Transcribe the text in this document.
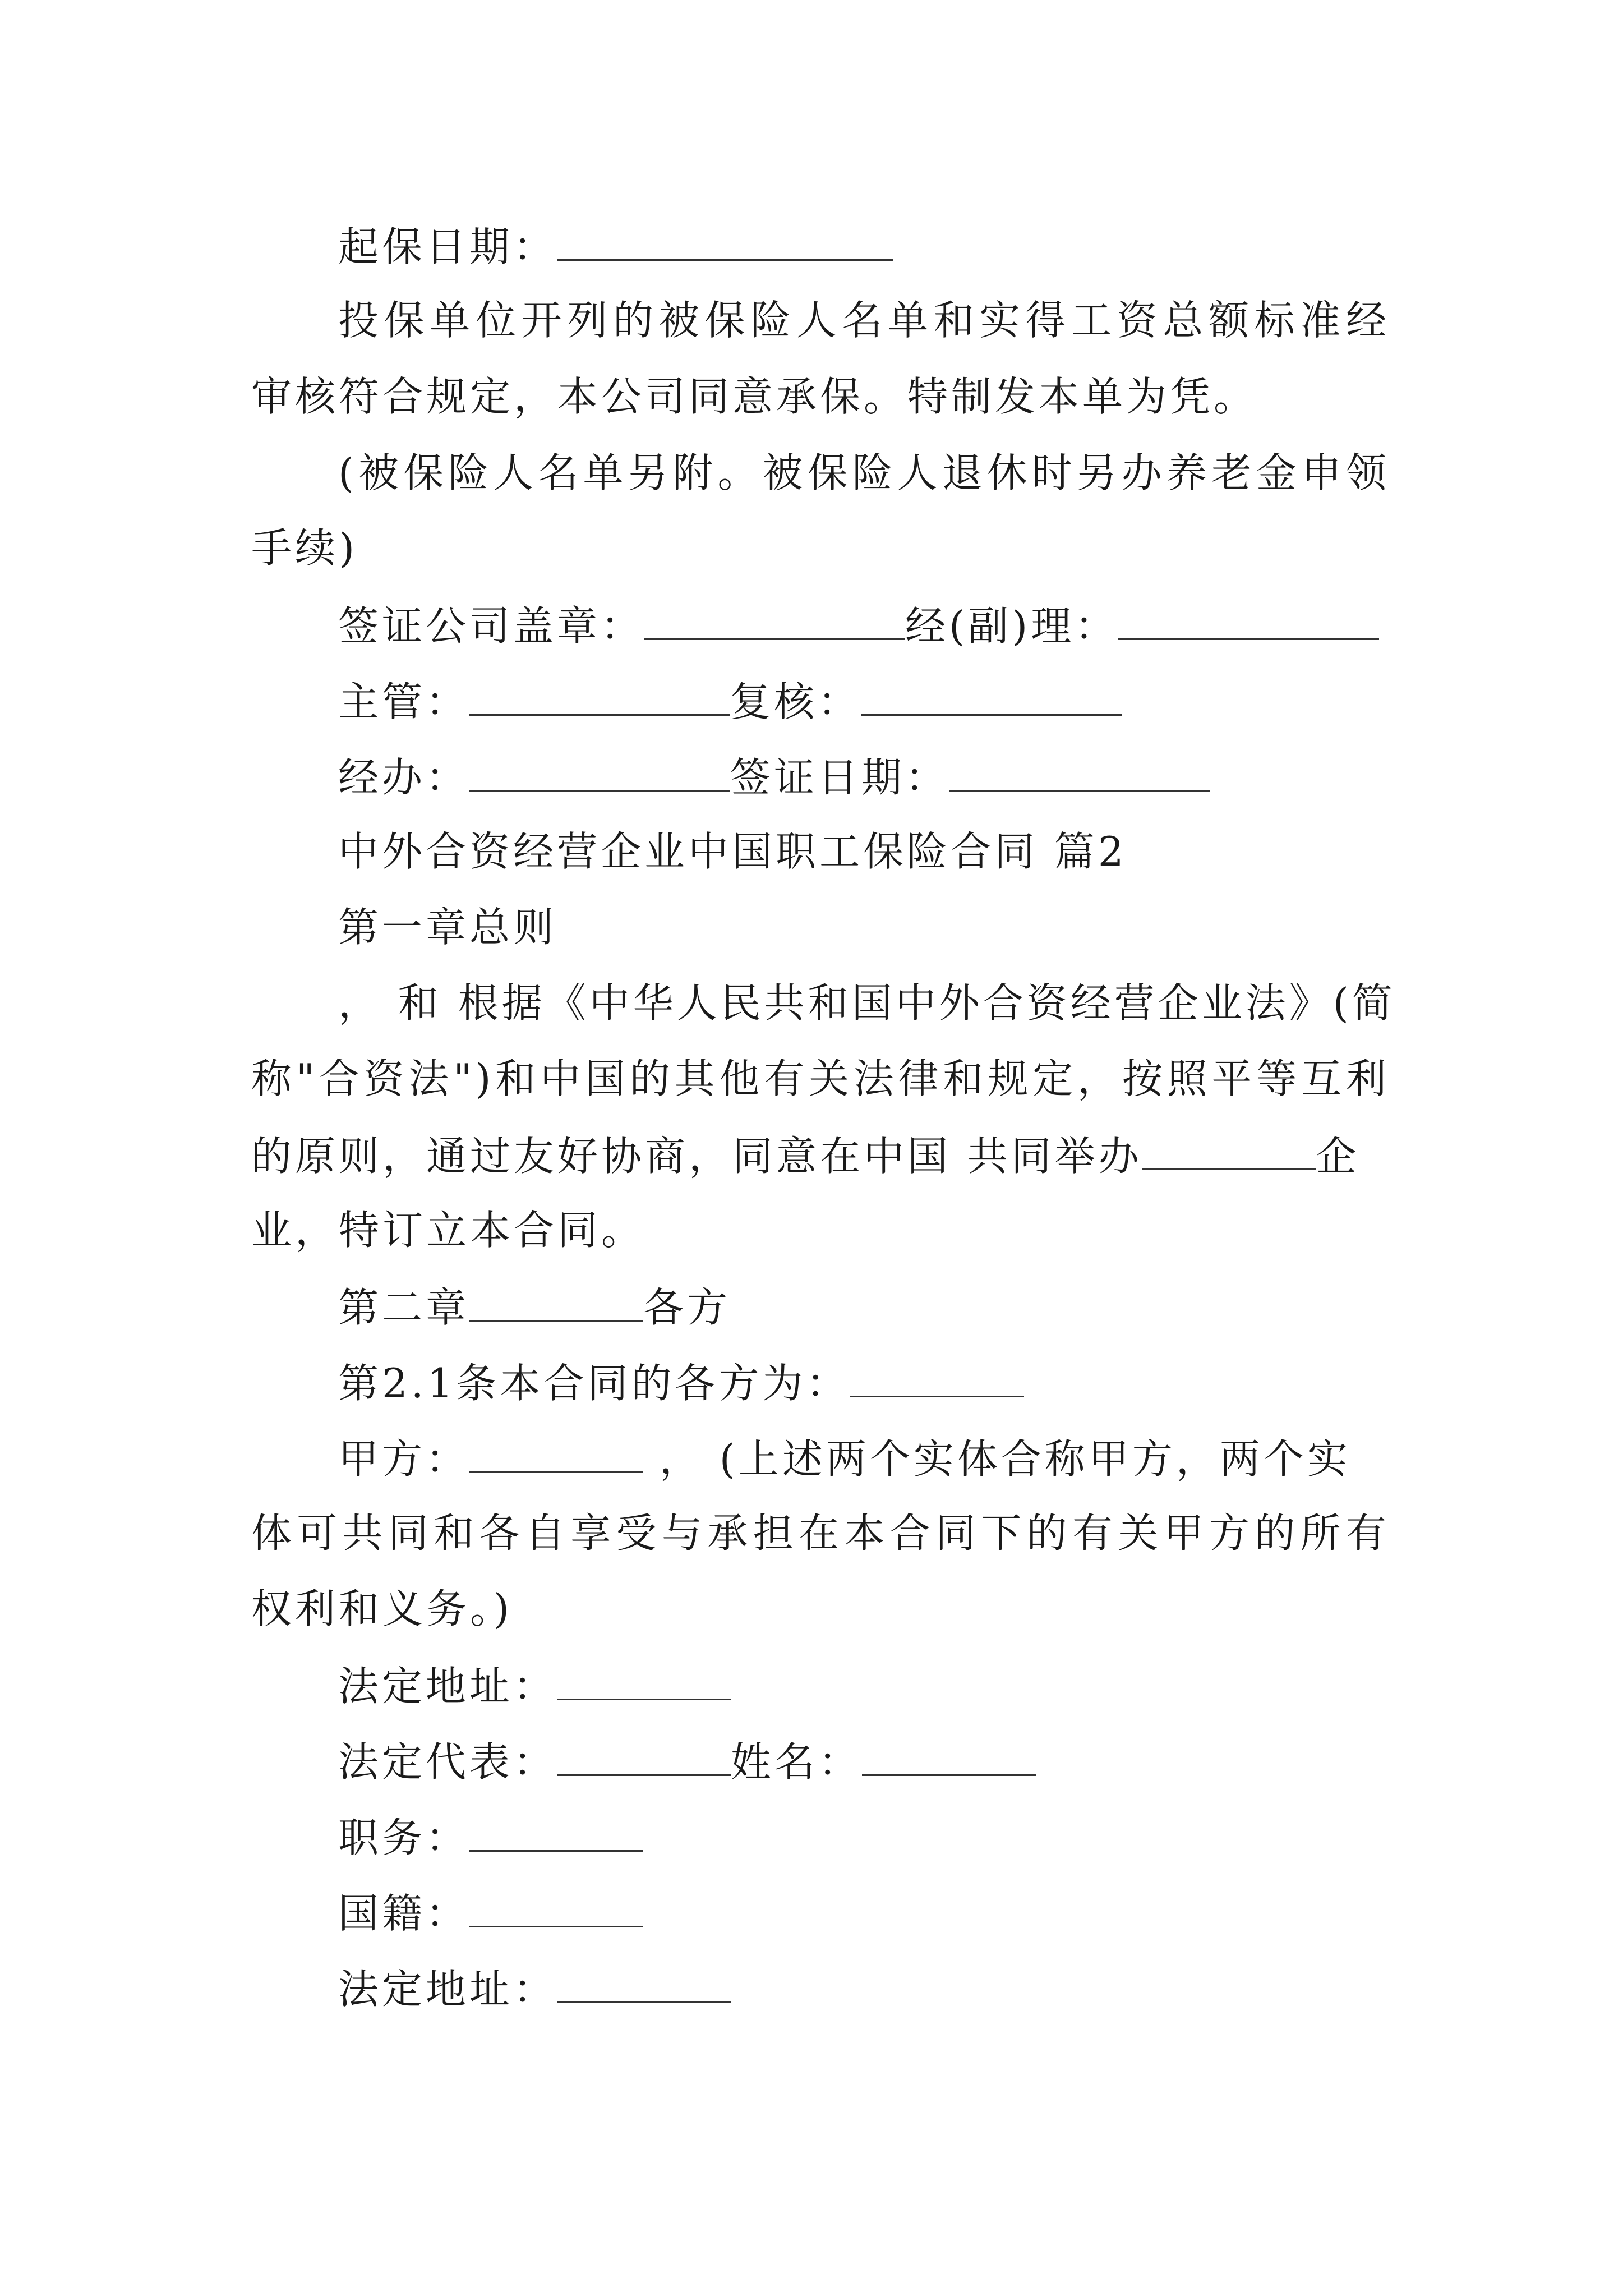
起保日期：
投保单位开列的被保险人名单和实得工资总额标准经
审核符合规定，本公司同意承保。特制发本单为凭。
(被保险人名单另附。被保险人退休时另办养老金申领
手续)
签证公司盖章：	经(副)理：
主管：	复核：
经办：	签证日期：
中外合资经营企业中国职工保险合同 篇2
第一章总则
， 和 根据《中华人民共和国中外合资经营企业法》(简
称"合资法")和中国的其他有关法律和规定，按照平等互利
的原则，通过友好协商，同意在中国 共同举办	企
业，特订立本合同。
第二章	各方
第2.1条本合同的各方为：
甲方：	， (上述两个实体合称甲方，两个实
体可共同和各自享受与承担在本合同下的有关甲方的所有
权利和义务。)
法定地址：
法定代表：	姓名：
职务：
国籍：
法定地址：
